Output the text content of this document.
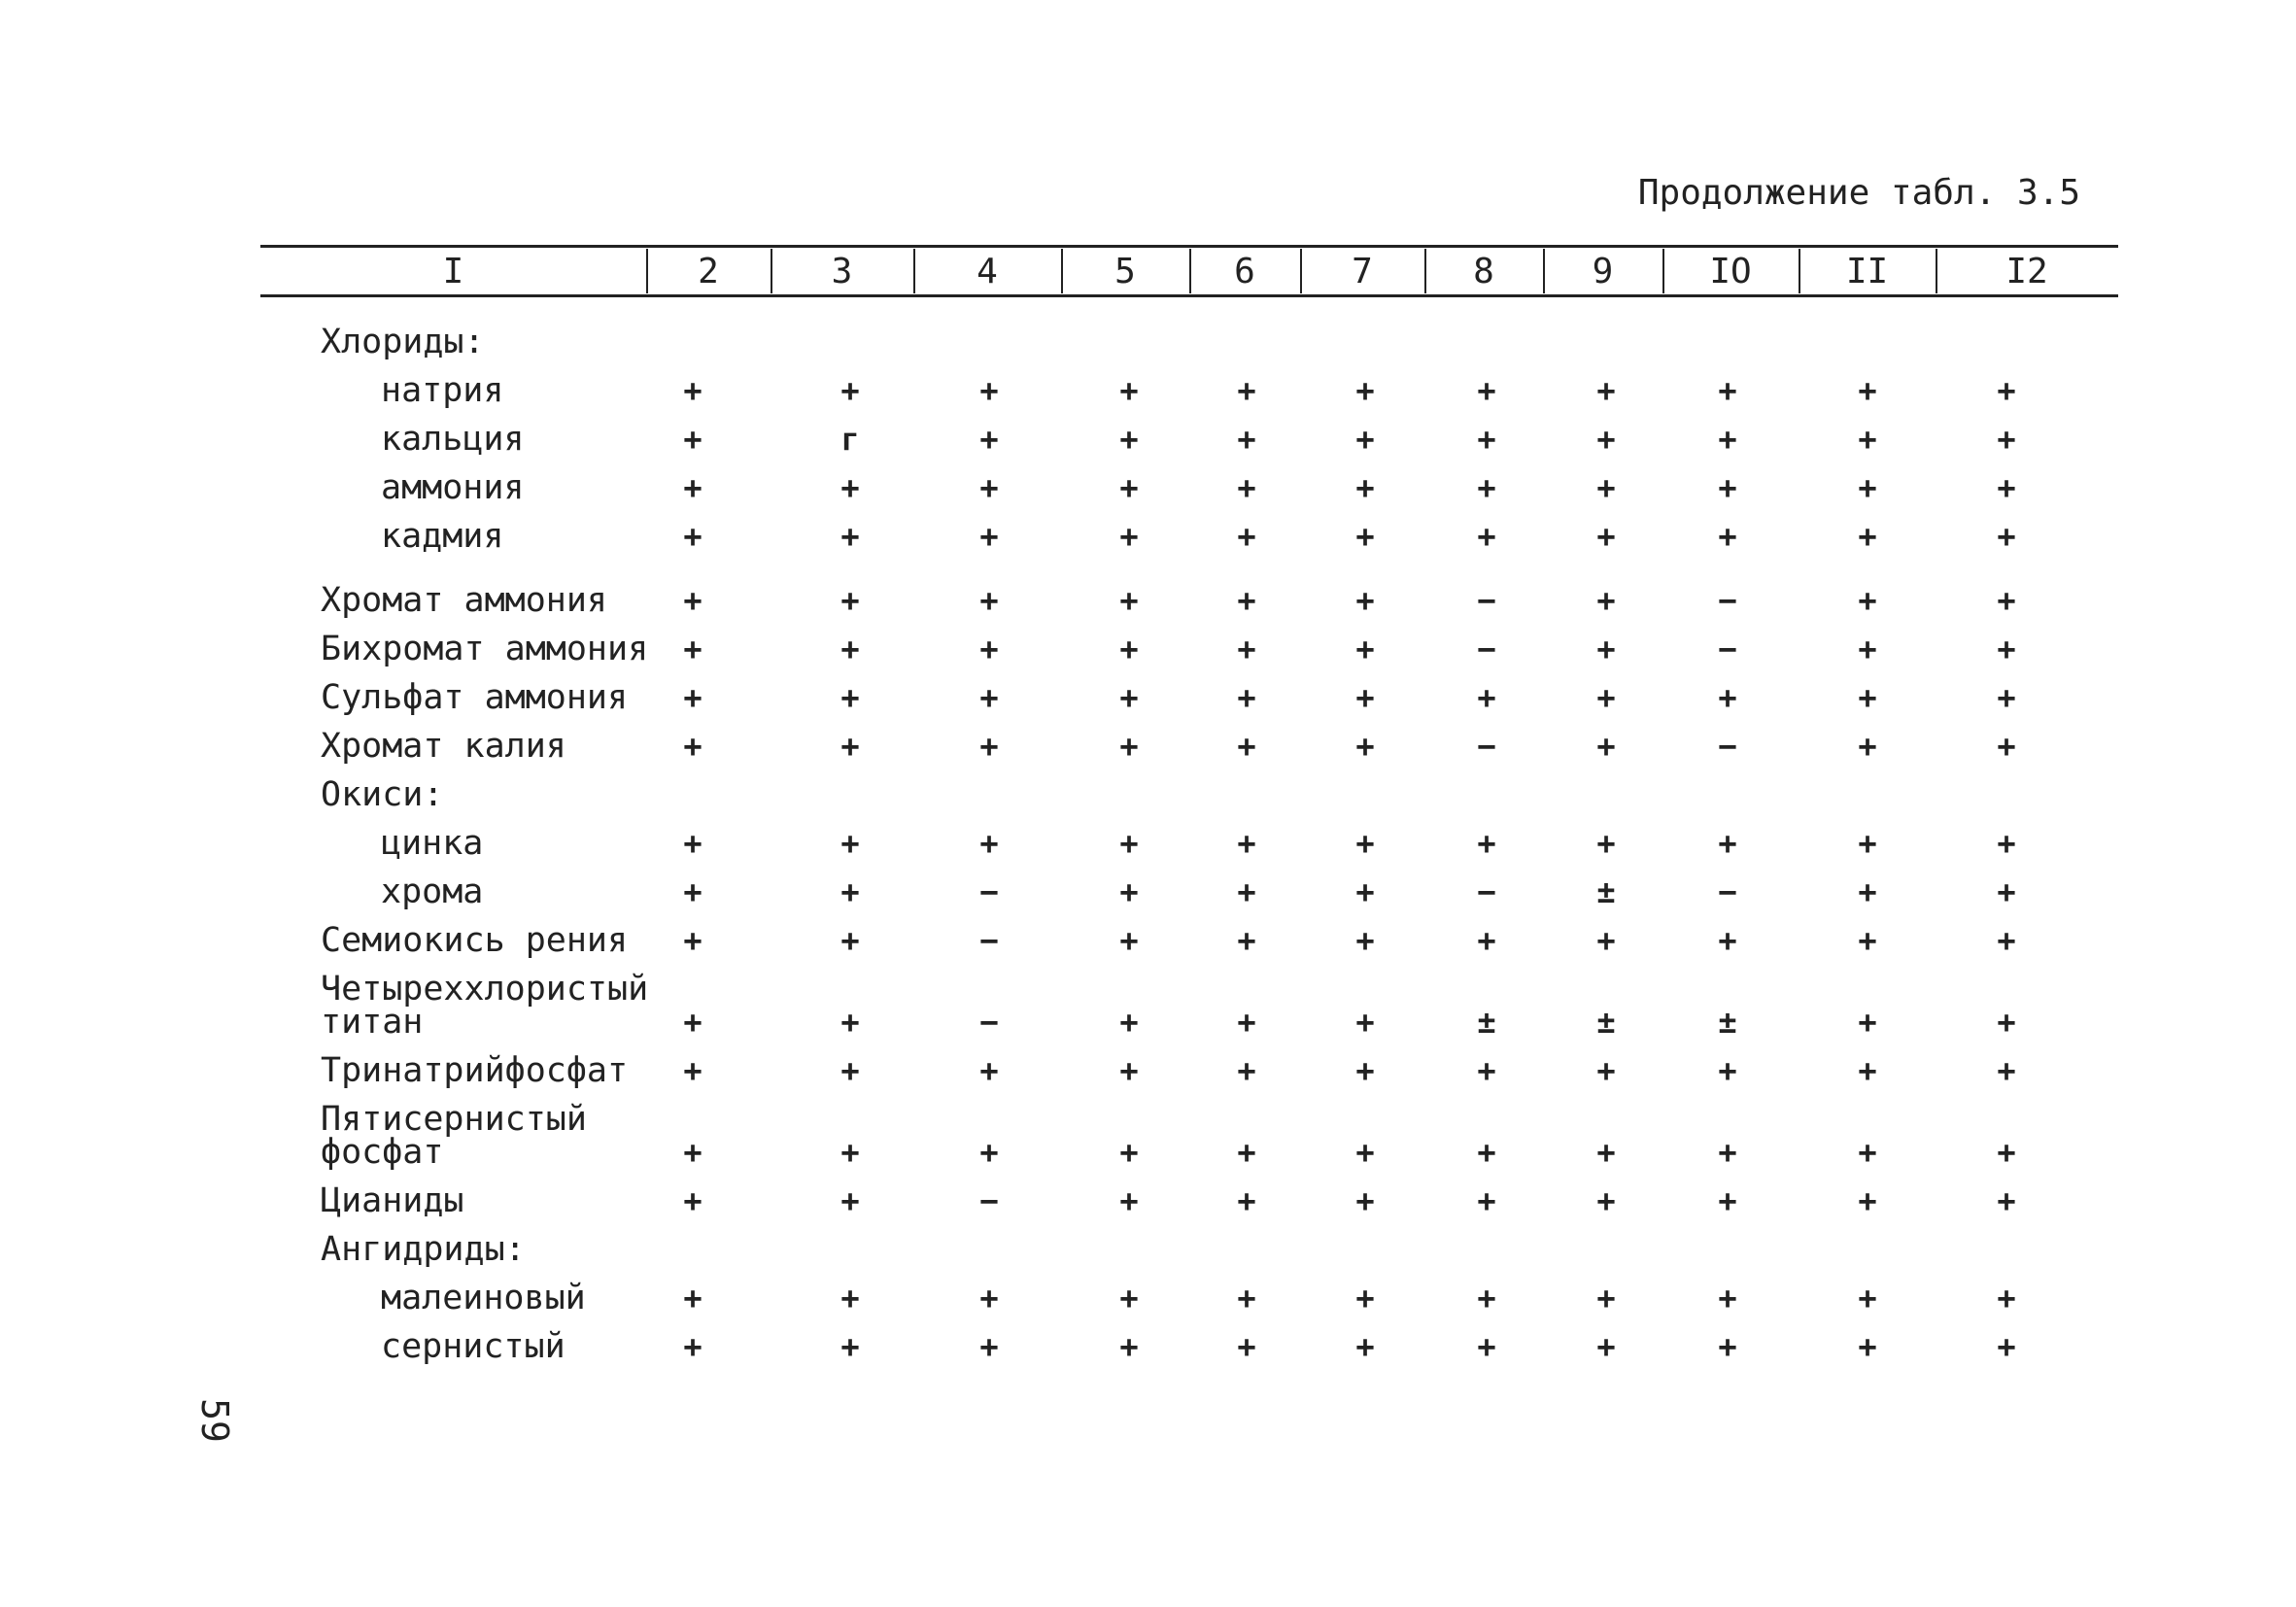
Продолжение табл. 3.5
I	2	3	4	5	6	7	8	9	IO	II	I2
Хлориды:
натрия	+	+	+	+	+	+	+	+	+	+	+
кальция	+	г	+	+	+	+	+	+	+	+	+
аммония	+	+	+	+	+	+	+	+	+	+	+
кадмия	+	+	+	+	+	+	+	+	+	+	+
Хромат аммония	+	+	+	+	+	+	−	+	−	+	+
Бихромат аммония	+	+	+	+	+	+	−	+	−	+	+
Сульфат аммония	+	+	+	+	+	+	+	+	+	+	+
Хромат калия	+	+	+	+	+	+	−	+	−	+	+
Окиси:
цинка	+	+	+	+	+	+	+	+	+	+	+
хрома	+	+	−	+	+	+	−	±	−	+	+
Семиокись рения	+	+	−	+	+	+	+	+	+	+	+
Четыреххлористый
титан	+	+	−	+	+	+	±	±	±	+	+
Тринатрийфосфат	+	+	+	+	+	+	+	+	+	+	+
Пятисернистый
фосфат	+	+	+	+	+	+	+	+	+	+	+
Цианиды	+	+	−	+	+	+	+	+	+	+	+
Ангидриды:
малеиновый	+	+	+	+	+	+	+	+	+	+	+
сернистый	+	+	+	+	+	+	+	+	+	+	+
59
